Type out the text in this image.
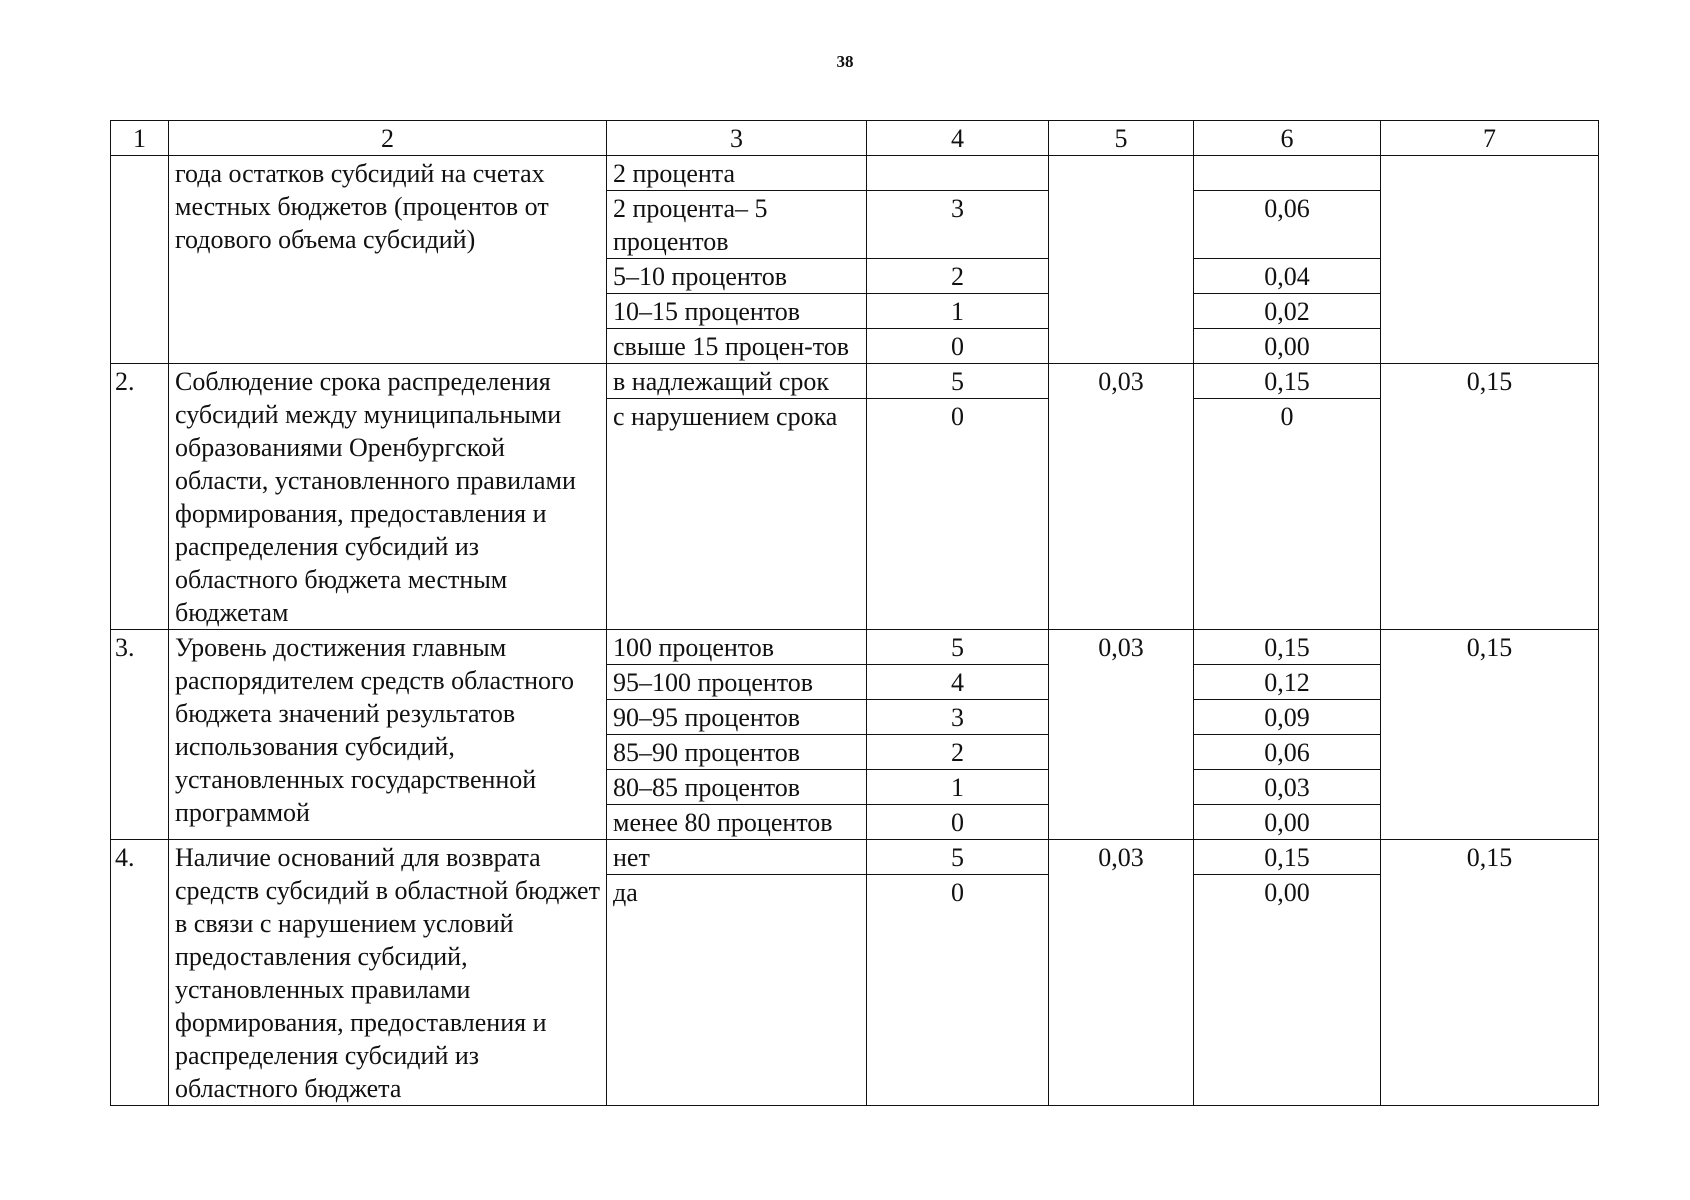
38
1	2	3	4	5	6	7
	года остатков субсидий на счетах местных бюджетов (процентов от годового объема субсидий)	2 процента				
		2 процента– 5 процентов	3		0,06	
		5–10 процентов	2		0,04	
		10–15 процентов	1		0,02	
		свыше 15 процен-тов	0		0,00	
2.	Соблюдение срока распределения субсидий между муниципальными образованиями Оренбургской области, установленного правилами формирования, предоставления и распределения субсидий из областного бюджета местным бюджетам	в надлежащий срок	5	0,03	0,15	0,15
		с нарушением срока	0		0	
3.	Уровень достижения главным распорядителем средств областного бюджета значений результатов использования субсидий, установленных государственной программой	100 процентов	5	0,03	0,15	0,15
		95–100 процентов	4		0,12	
		90–95 процентов	3		0,09	
		85–90 процентов	2		0,06	
		80–85 процентов	1		0,03	
		менее 80 процентов	0		0,00	
4.	Наличие оснований для возврата средств субсидий в областной бюджет в связи с нарушением условий предоставления субсидий, установленных правилами формирования, предоставления и распределения субсидий из областного бюджета	нет	5	0,03	0,15	0,15
		да	0		0,00	
